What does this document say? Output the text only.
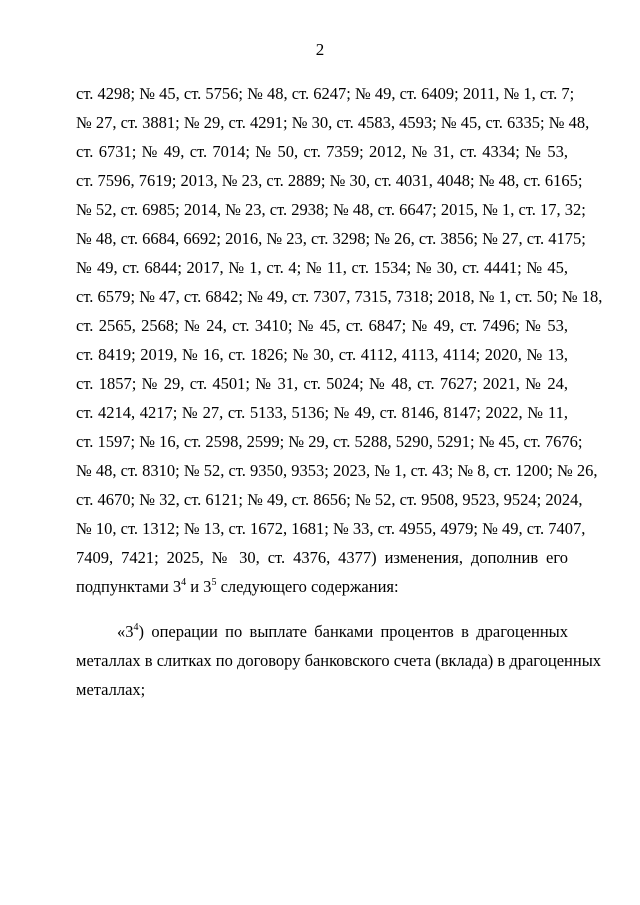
2
ст. 4298; № 45, ст. 5756; № 48, ст. 6247; № 49, ст. 6409; 2011, № 1, ст. 7;
№ 27, ст. 3881; № 29, ст. 4291; № 30, ст. 4583, 4593; № 45, ст. 6335; № 48,
ст. 6731; № 49, ст. 7014; № 50, ст. 7359; 2012, № 31, ст. 4334; № 53,
ст. 7596, 7619; 2013, № 23, ст. 2889; № 30, ст. 4031, 4048; № 48, ст. 6165;
№ 52, ст. 6985; 2014, № 23, ст. 2938; № 48, ст. 6647; 2015, № 1, ст. 17, 32;
№ 48, ст. 6684, 6692; 2016, № 23, ст. 3298; № 26, ст. 3856; № 27, ст. 4175;
№ 49, ст. 6844; 2017, № 1, ст. 4; № 11, ст. 1534; № 30, ст. 4441; № 45,
ст. 6579; № 47, ст. 6842; № 49, ст. 7307, 7315, 7318; 2018, № 1, ст. 50; № 18,
ст. 2565, 2568; № 24, ст. 3410; № 45, ст. 6847; № 49, ст. 7496; № 53,
ст. 8419; 2019, № 16, ст. 1826; № 30, ст. 4112, 4113, 4114; 2020, № 13,
ст. 1857; № 29, ст. 4501; № 31, ст. 5024; № 48, ст. 7627; 2021, № 24,
ст. 4214, 4217; № 27, ст. 5133, 5136; № 49, ст. 8146, 8147; 2022, № 11,
ст. 1597; № 16, ст. 2598, 2599; № 29, ст. 5288, 5290, 5291; № 45, ст. 7676;
№ 48, ст. 8310; № 52, ст. 9350, 9353; 2023, № 1, ст. 43; № 8, ст. 1200; № 26,
ст. 4670; № 32, ст. 6121; № 49, ст. 8656; № 52, ст. 9508, 9523, 9524; 2024,
№ 10, ст. 1312; № 13, ст. 1672, 1681; № 33, ст. 4955, 4979; № 49, ст. 7407,
7409, 7421; 2025, № 30, ст. 4376, 4377) изменения, дополнив его
подпунктами $3^4$ и $3^5$ следующего содержания:
«$3^4$) операции по выплате банками процентов в драгоценных
металлах в слитках по договору банковского счета (вклада) в драгоценных
металлах;
